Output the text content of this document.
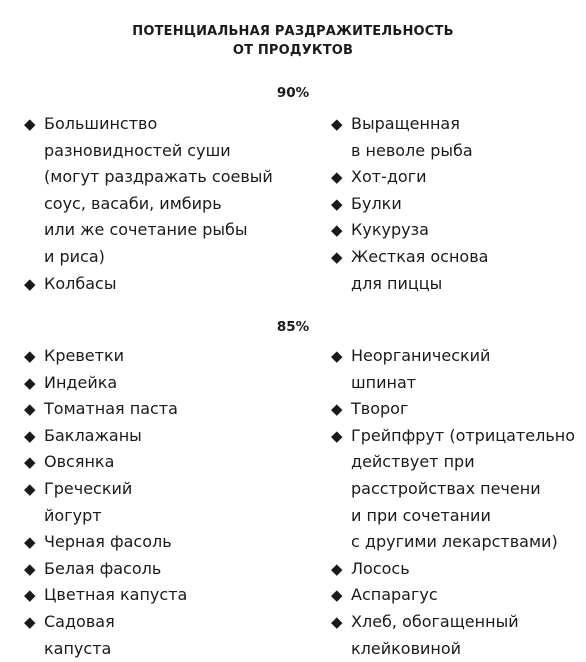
ПОТЕНЦИАЛЬНАЯ РАЗДРАЖИТЕЛЬНОСТЬ
ОТ ПРОДУКТОВ
90%
◆ Большинство
разновидностей суши
(могут раздражать соевый
соус, васаби, имбирь
или же сочетание рыбы
и риса)
◆ Колбасы
◆ Выращенная
в неволе рыба
◆ Хот-доги
◆ Булки
◆ Кукуруза
◆ Жесткая основа
для пиццы
85%
◆ Креветки
◆ Индейка
◆ Томатная паста
◆ Баклажаны
◆ Овсянка
◆ Греческий
йогурт
◆ Черная фасоль
◆ Белая фасоль
◆ Цветная капуста
◆ Садовая
капуста
◆ Неорганический
шпинат
◆ Творог
◆ Грейпфрут (отрицательно
действует при
расстройствах печени
и при сочетании
с другими лекарствами)
◆ Лосось
◆ Аспарагус
◆ Хлеб, обогащенный
клейковиной
